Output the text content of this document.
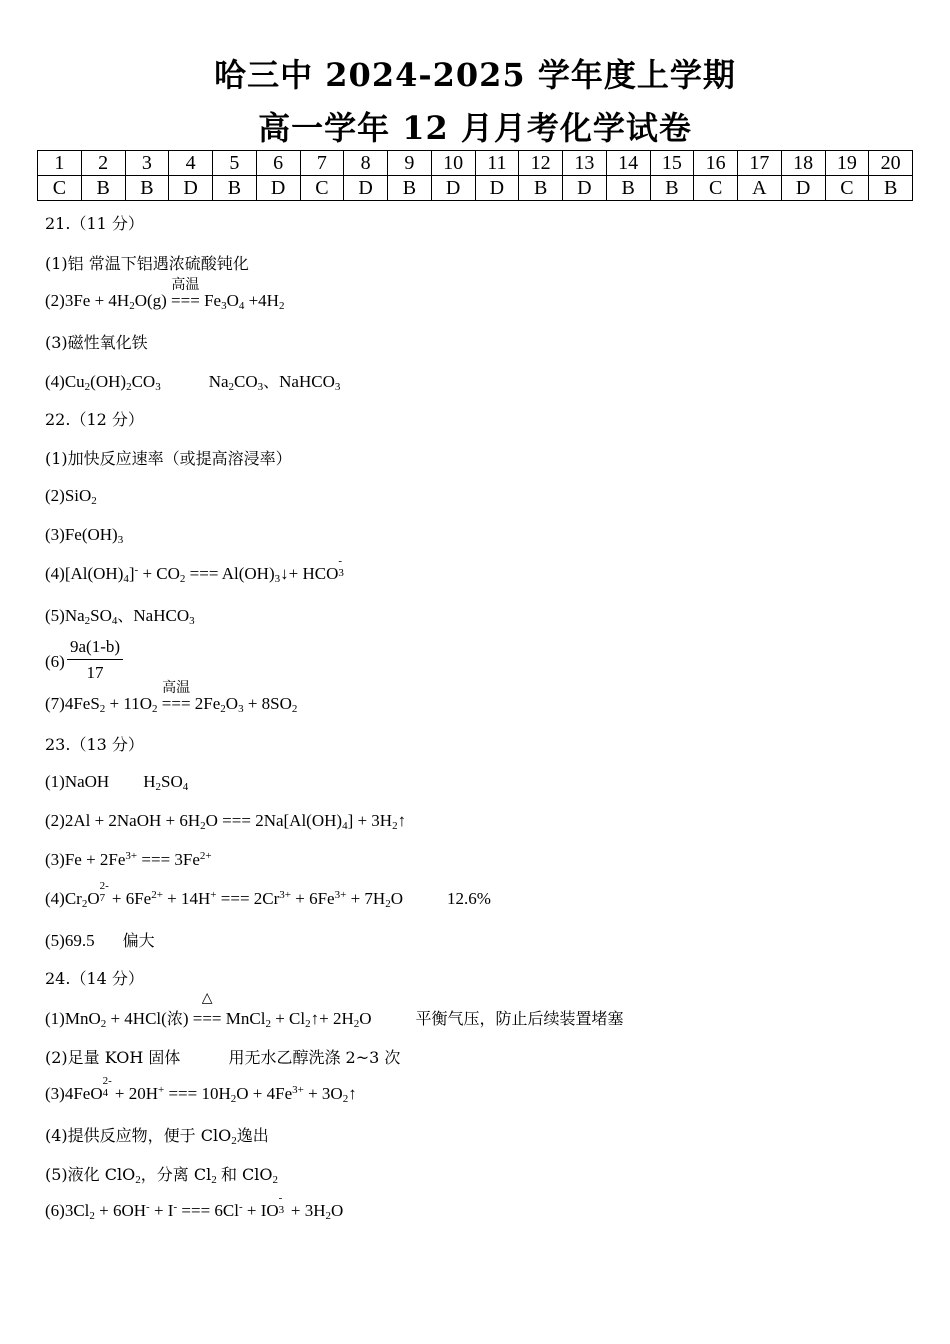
哈三中 2024-2025 学年度上学期
高一学年 12 月月考化学试卷
1	2	3	4	5	6	7	8	9	10	11	12	13	14	15	16	17	18	19	20
C	B	B	D	B	D	C	D	B	D	D	B	D	B	B	C	A	D	C	B
21.（11 分）
(1)铝 常温下铝遇浓硫酸钝化
$(2)3Fe + 4H_2O(g)$
高温
=== $Fe_3O_4 +4H_2$
(3)磁性氧化铁
$(4)Cu_2(OH)_2CO_3$	$Na_2CO_3$、NaHCO$_3$
22.（12 分）
(1)加快反应速率（或提高溶浸率）
(2)SiO$_2$
$(3)Fe(OH)_3$
$(4)[Al(OH)_4]^- + CO_2$ === $Al(OH)_3↓+$ HCO
-
3
$(5)Na_2SO_4$、NaHCO$_3$
$(6) \frac{9a(1-b)}{17}$
$(7)4FeS_2 + 11O_2$
高温
=== $2Fe_2O_3 + 8SO_2$
23.（13 分）
(1)NaOH $H_2SO_4$
(2)2Al + 2NaOH + $6H_2O$ === $2Na[Al(OH)_4]$ + $3H_2↑$
$(3)Fe + 2Fe^{3+}$ === $3Fe^{2+}$
$(4)Cr_2O$
2-
$7 + 6Fe^{2+} + 14H^+$ === $2Cr^{3+} + 6Fe^{3+} + 7H_2O$	12.6%
(5)69.5 偏大
24.（14 分）
(1)MnO$_2$ + 4HCl(浓)
△
=== MnCl$_2$ + $Cl_2↑+ 2H_2O$	平衡气压，防止后续装置堵塞
(2)足量 KOH 固体	用无水乙醇洗涤 2~3 次
(3)4FeO
2-
4 + 20H+ === $10H_2O + 4Fe^{3+}$ + $3O_2↑$
(4)提供反应物，便于 ClO$_2$逸出
(5)液化 ClO$_2$，分离 $Cl_2$ 和 ClO$_2$
$(6)3Cl_2 + 6OH^- + I^-$ === 6Cl- + IO
-
$3 + 3H_2O$
